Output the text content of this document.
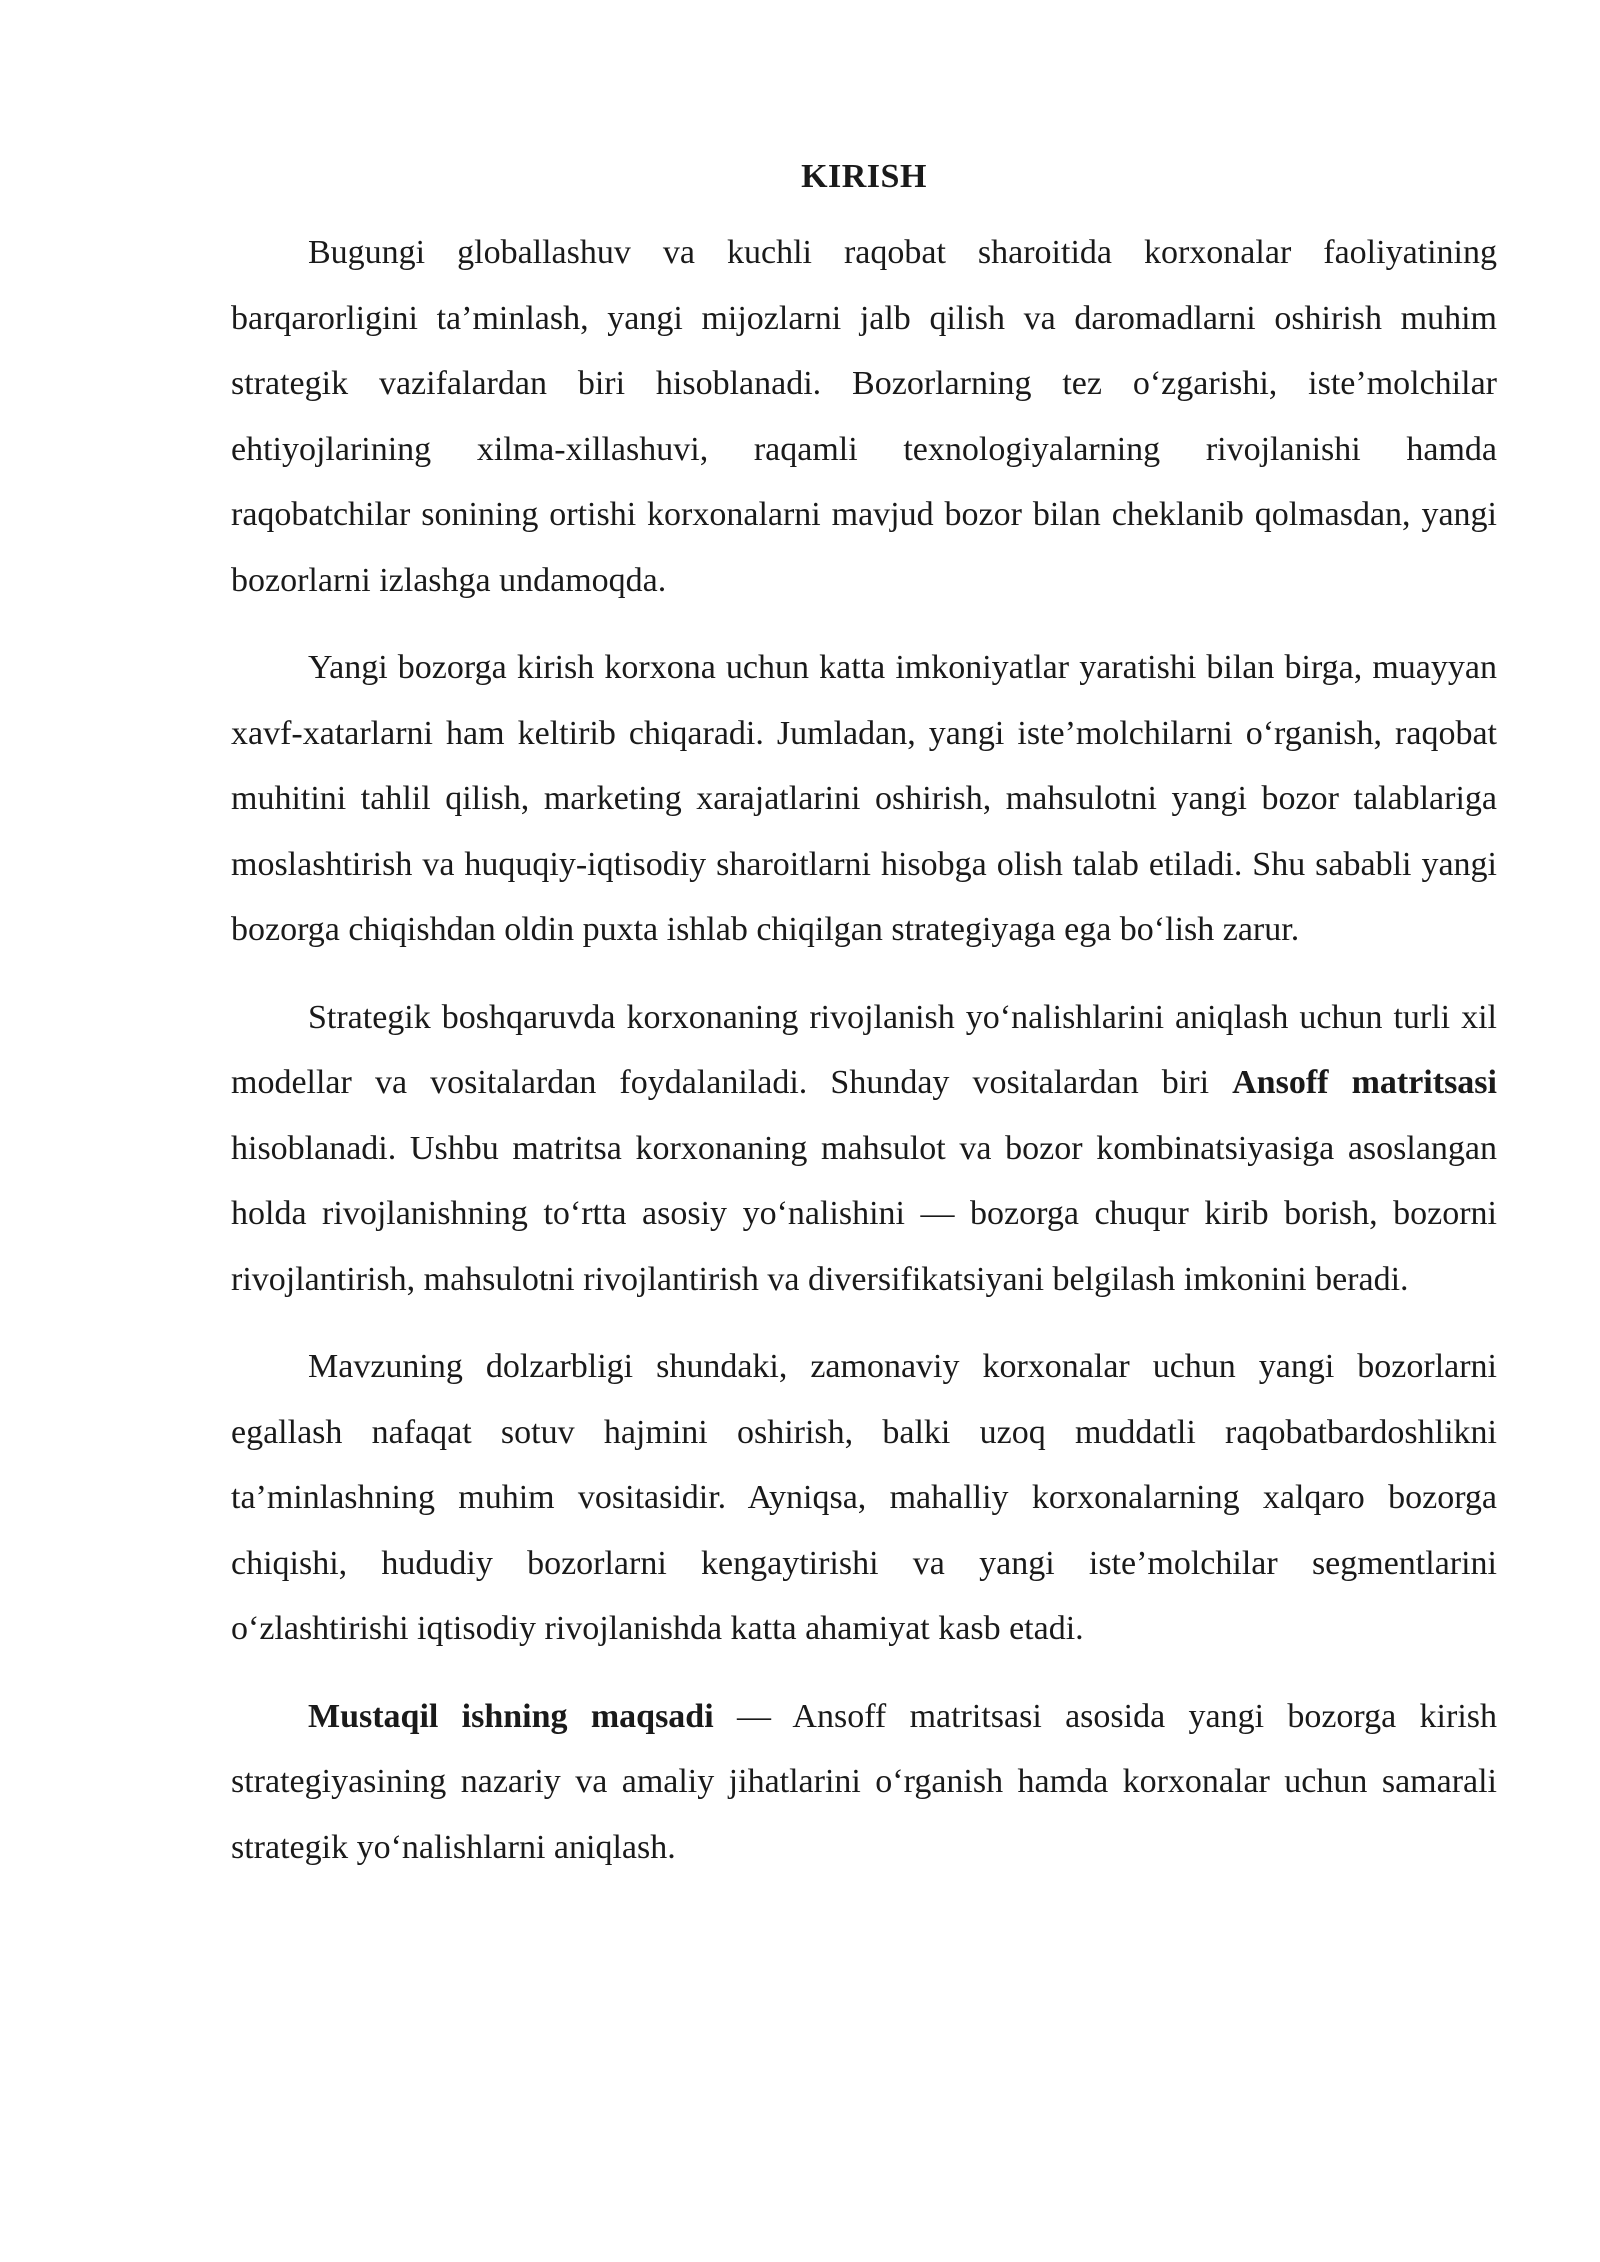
KIRISH

Bugungi globallashuv va kuchli raqobat sharoitida korxonalar faoliyatining barqarorligini ta’minlash, yangi mijozlarni jalb qilish va daromadlarni oshirish muhim strategik vazifalardan biri hisoblanadi. Bozorlarning tez o‘zgarishi, iste’molchilar ehtiyojlarining xilma-xillashuvi, raqamli texnologiyalarning rivojlanishi hamda raqobatchilar sonining ortishi korxonalarni mavjud bozor bilan cheklanib qolmasdan, yangi bozorlarni izlashga undamoqda.

Yangi bozorga kirish korxona uchun katta imkoniyatlar yaratishi bilan birga, muayyan xavf-xatarlarni ham keltirib chiqaradi. Jumladan, yangi iste’molchilarni o‘rganish, raqobat muhitini tahlil qilish, marketing xarajatlarini oshirish, mahsulotni yangi bozor talablariga moslashtirish va huquqiy-iqtisodiy sharoitlarni hisobga olish talab etiladi. Shu sababli yangi bozorga chiqishdan oldin puxta ishlab chiqilgan strategiyaga ega bo‘lish zarur.

Strategik boshqaruvda korxonaning rivojlanish yo‘nalishlarini aniqlash uchun turli xil modellar va vositalardan foydalaniladi. Shunday vositalardan biri Ansoff matritsasi hisoblanadi. Ushbu matritsa korxonaning mahsulot va bozor kombinatsiyasiga asoslangan holda rivojlanishning to‘rtta asosiy yo‘nalishini — bozorga chuqur kirib borish, bozorni rivojlantirish, mahsulotni rivojlantirish va diversifikatsiyani belgilash imkonini beradi.

Mavzuning dolzarbligi shundaki, zamonaviy korxonalar uchun yangi bozorlarni egallash nafaqat sotuv hajmini oshirish, balki uzoq muddatli raqobatbardoshlikni ta’minlashning muhim vositasidir. Ayniqsa, mahalliy korxonalarning xalqaro bozorga chiqishi, hududiy bozorlarni kengaytirishi va yangi iste’molchilar segmentlarini o‘zlashtirishi iqtisodiy rivojlanishda katta ahamiyat kasb etadi.

Mustaqil ishning maqsadi — Ansoff matritsasi asosida yangi bozorga kirish strategiyasining nazariy va amaliy jihatlarini o‘rganish hamda korxonalar uchun samarali strategik yo‘nalishlarni aniqlash.
